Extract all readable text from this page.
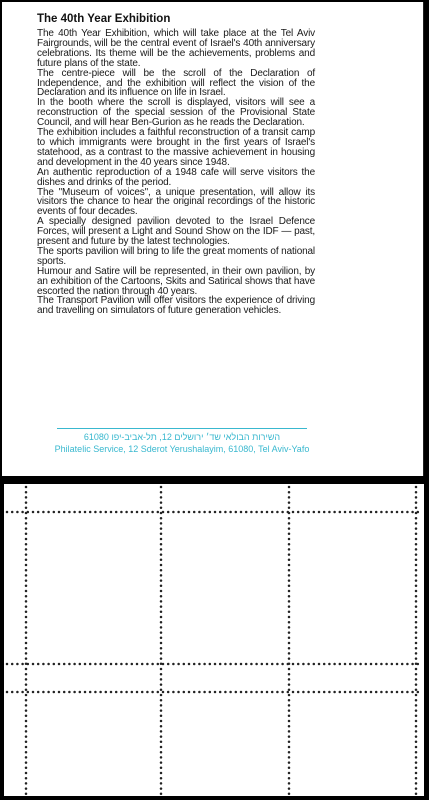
The 40th Year Exhibition

The 40th Year Exhibition, which will take place at the Tel Aviv Fairgrounds, will be the central event of Israel's 40th anniversary celebrations. Its theme will be the achievements, problems and future plans of the state.

The centre-piece will be the scroll of the Declaration of Independence, and the exhibition will reflect the vision of the Declaration and its influence on life in Israel.

In the booth where the scroll is displayed, visitors will see a reconstruction of the special session of the Provisional State Council, and will hear Ben-Gurion as he reads the Declaration.

The exhibition includes a faithful reconstruction of a transit camp to which immigrants were brought in the first years of Israel's statehood, as a contrast to the massive achievement in housing and development in the 40 years since 1948.

An authentic reproduction of a 1948 cafe will serve visitors the dishes and drinks of the period.

The "Museum of voices", a unique presentation, will allow its visitors the chance to hear the original recordings of the historic events of four decades.

A specially designed pavilion devoted to the Israel Defence Forces, will present a Light and Sound Show on the IDF — past, present and future by the latest technologies.

The sports pavilion will bring to life the great moments of national sports.

Humour and Satire will be represented, in their own pavilion, by an exhibition of the Cartoons, Skits and Satirical shows that have escorted the nation through 40 years.

The Transport Pavilion will offer visitors the experience of driving and travelling on simulators of future generation vehicles.

השירות הבולאי שד׳ ירושלים 12, תל-אביב-יפו 61080
Philatelic Service, 12 Sderot Yerushalayim, 61080, Tel Aviv-Yafo
